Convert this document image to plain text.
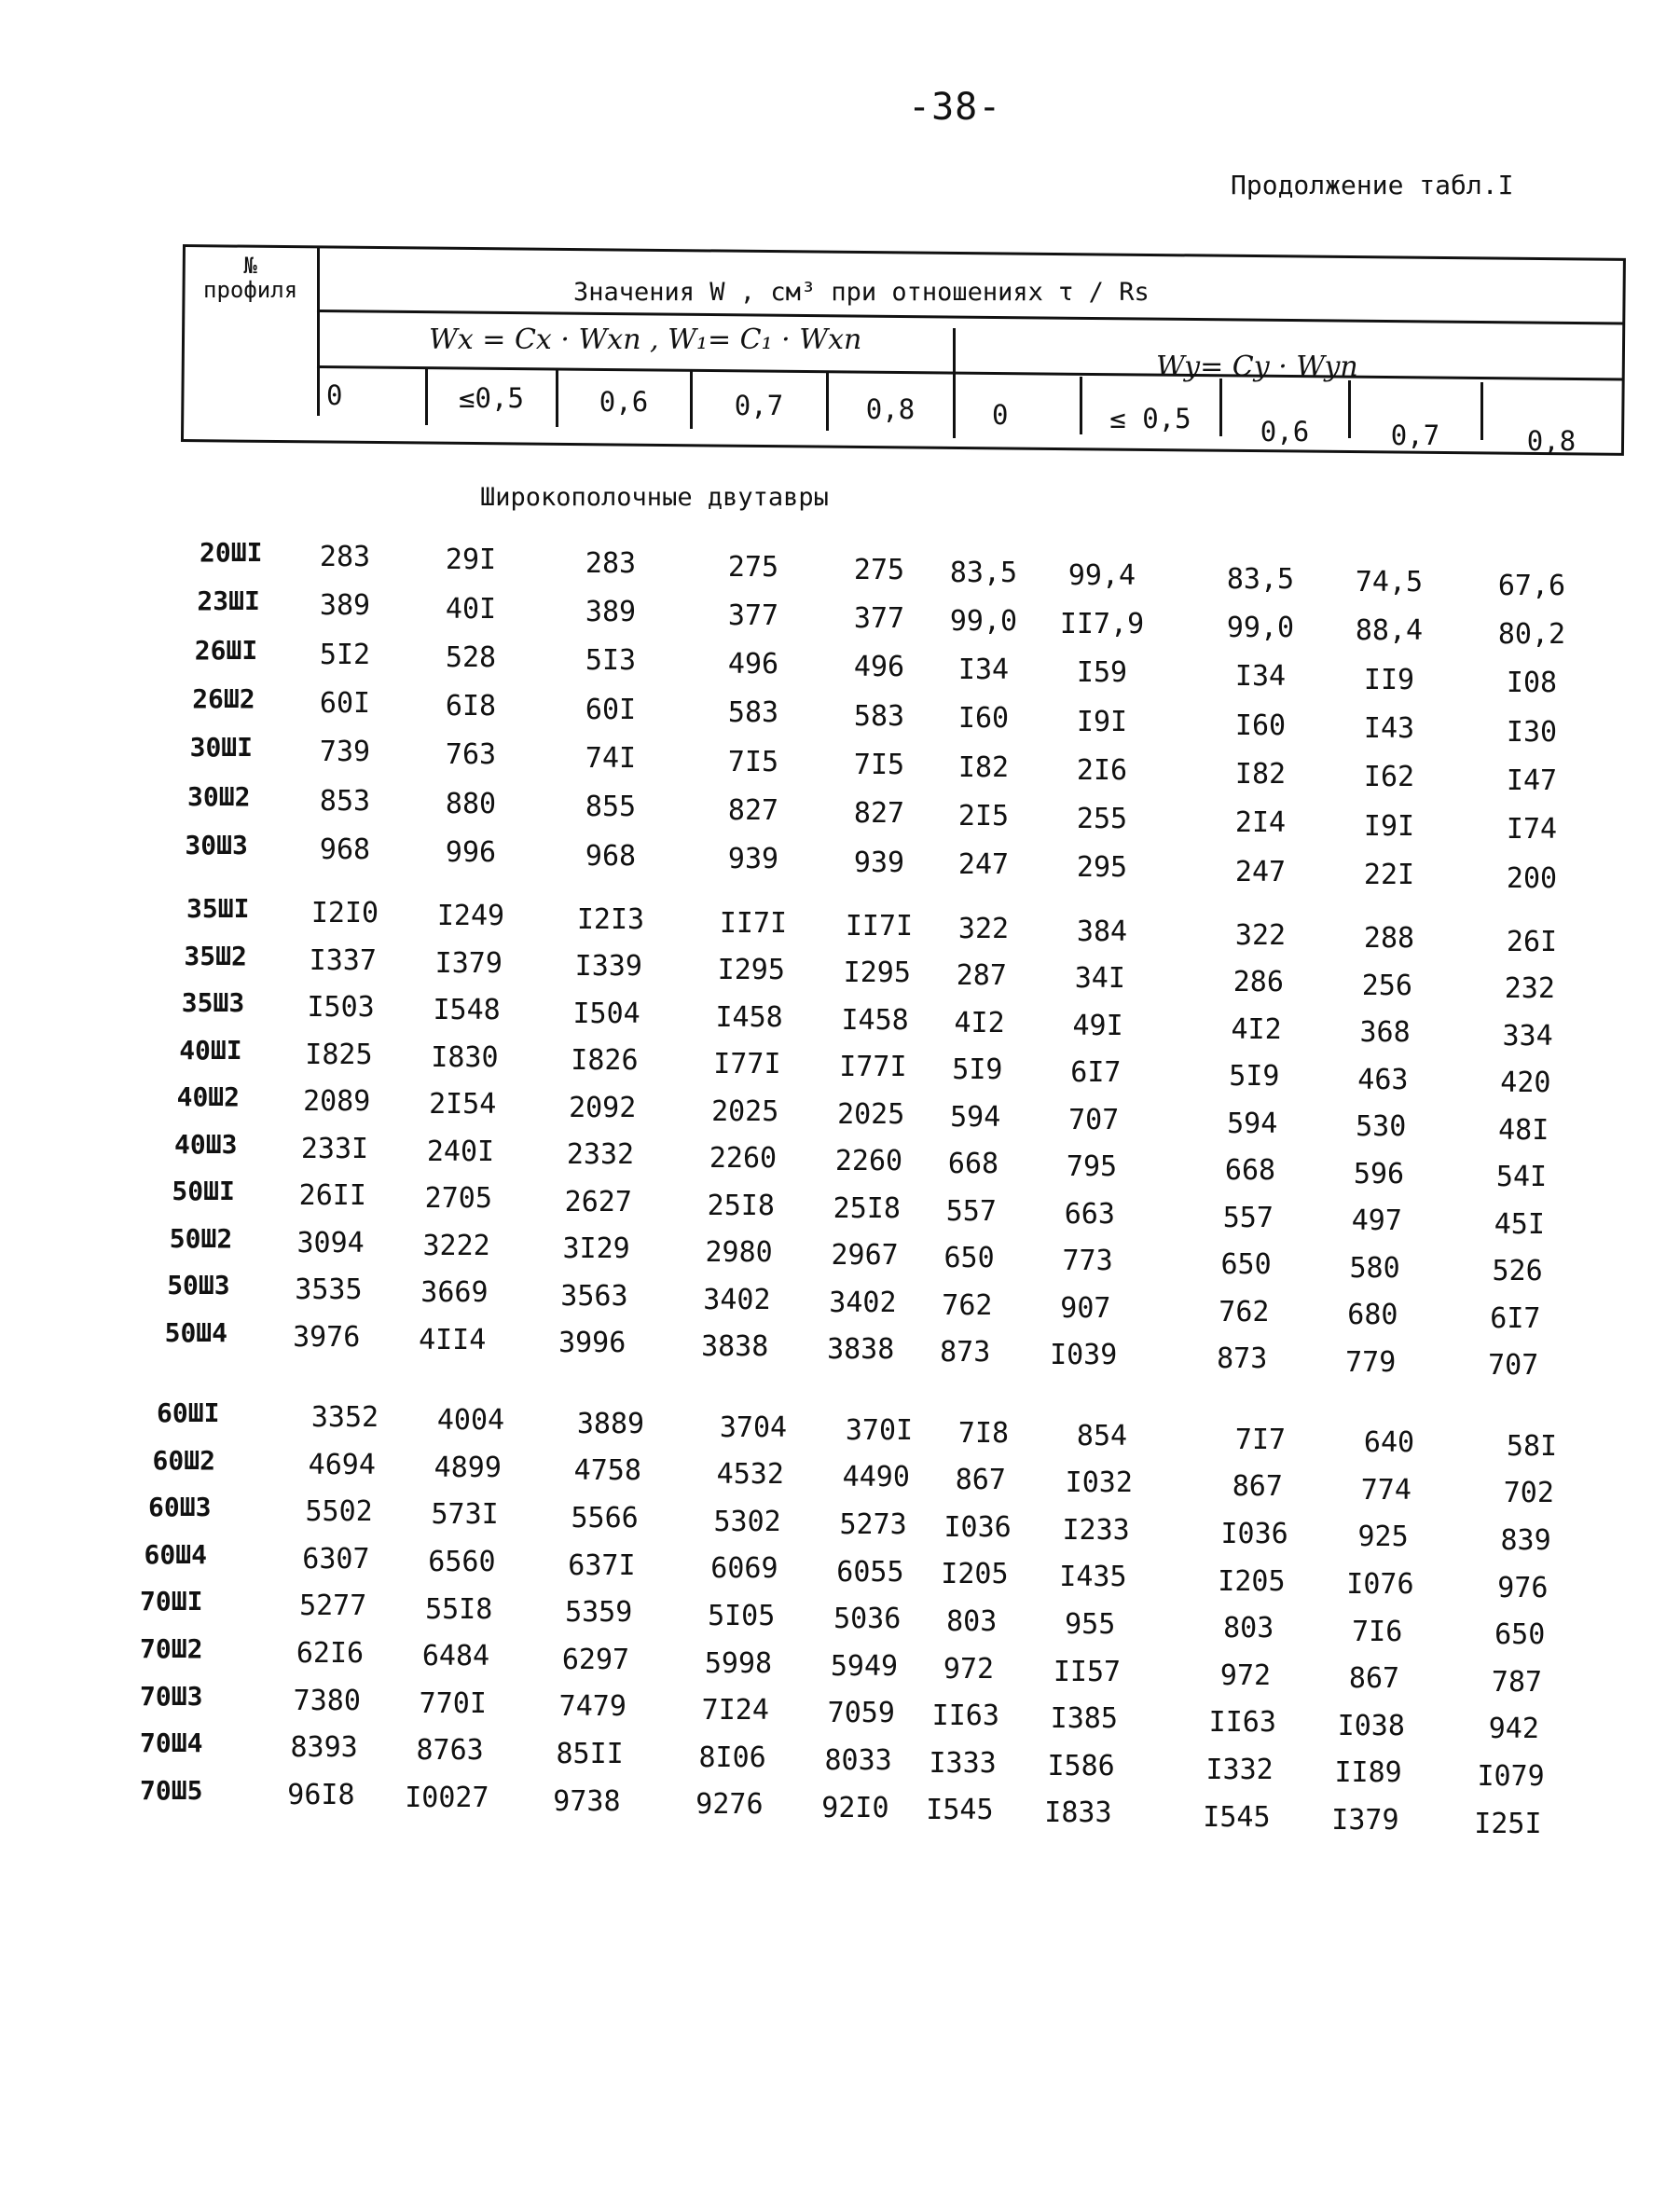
-38-
Продолжение табл.I
№
профиля	Значения W , см³ при отношениях τ / Rs
Wx = Cx · Wxn , W₁= C₁ · Wxn
Wy= Cy · Wyn
0	≤0,5	0,6	0,7	0,8	0	≤ 0,5	0,6	0,7	0,8
Широкополочные двутавры
20ШI	283	29I	283	275	275	83,5	99,4	83,5	74,5	67,6
23ШI	389	40I	389	377	377	99,0	II7,9	99,0	88,4	80,2
26ШI	5I2	528	5I3	496	496	I34	I59	I34	II9	I08
26Ш2	60I	6I8	60I	583	583	I60	I9I	I60	I43	I30
30ШI	739	763	74I	7I5	7I5	I82	2I6	I82	I62	I47
30Ш2	853	880	855	827	827	2I5	255	2I4	I9I	I74
30Ш3	968	996	968	939	939	247	295	247	22I	200
35ШI	I2I0	I249	I2I3	II7I	II7I	322	384	322	288	26I
35Ш2	I337	I379	I339	I295	I295	287	34I	286	256	232
35Ш3	I503	I548	I504	I458	I458	4I2	49I	4I2	368	334
40ШI	I825	I830	I826	I77I	I77I	5I9	6I7	5I9	463	420
40Ш2	2089	2I54	2092	2025	2025	594	707	594	530	48I
40Ш3	233I	240I	2332	2260	2260	668	795	668	596	54I
50ШI	26II	2705	2627	25I8	25I8	557	663	557	497	45I
50Ш2	3094	3222	3I29	2980	2967	650	773	650	580	526
50Ш3	3535	3669	3563	3402	3402	762	907	762	680	6I7
50Ш4	3976	4II4	3996	3838	3838	873	I039	873	779	707
60ШI	3352	4004	3889	3704	370I	7I8	854	7I7	640	58I
60Ш2	4694	4899	4758	4532	4490	867	I032	867	774	702
60Ш3	5502	573I	5566	5302	5273	I036	I233	I036	925	839
60Ш4	6307	6560	637I	6069	6055	I205	I435	I205	I076	976
70ШI	5277	55I8	5359	5I05	5036	803	955	803	7I6	650
70Ш2	62I6	6484	6297	5998	5949	972	II57	972	867	787
70Ш3	7380	770I	7479	7I24	7059	II63	I385	II63	I038	942
70Ш4	8393	8763	85II	8I06	8033	I333	I586	I332	II89	I079
70Ш5	96I8	I0027	9738	9276	92I0	I545	I833	I545	I379	I25I
